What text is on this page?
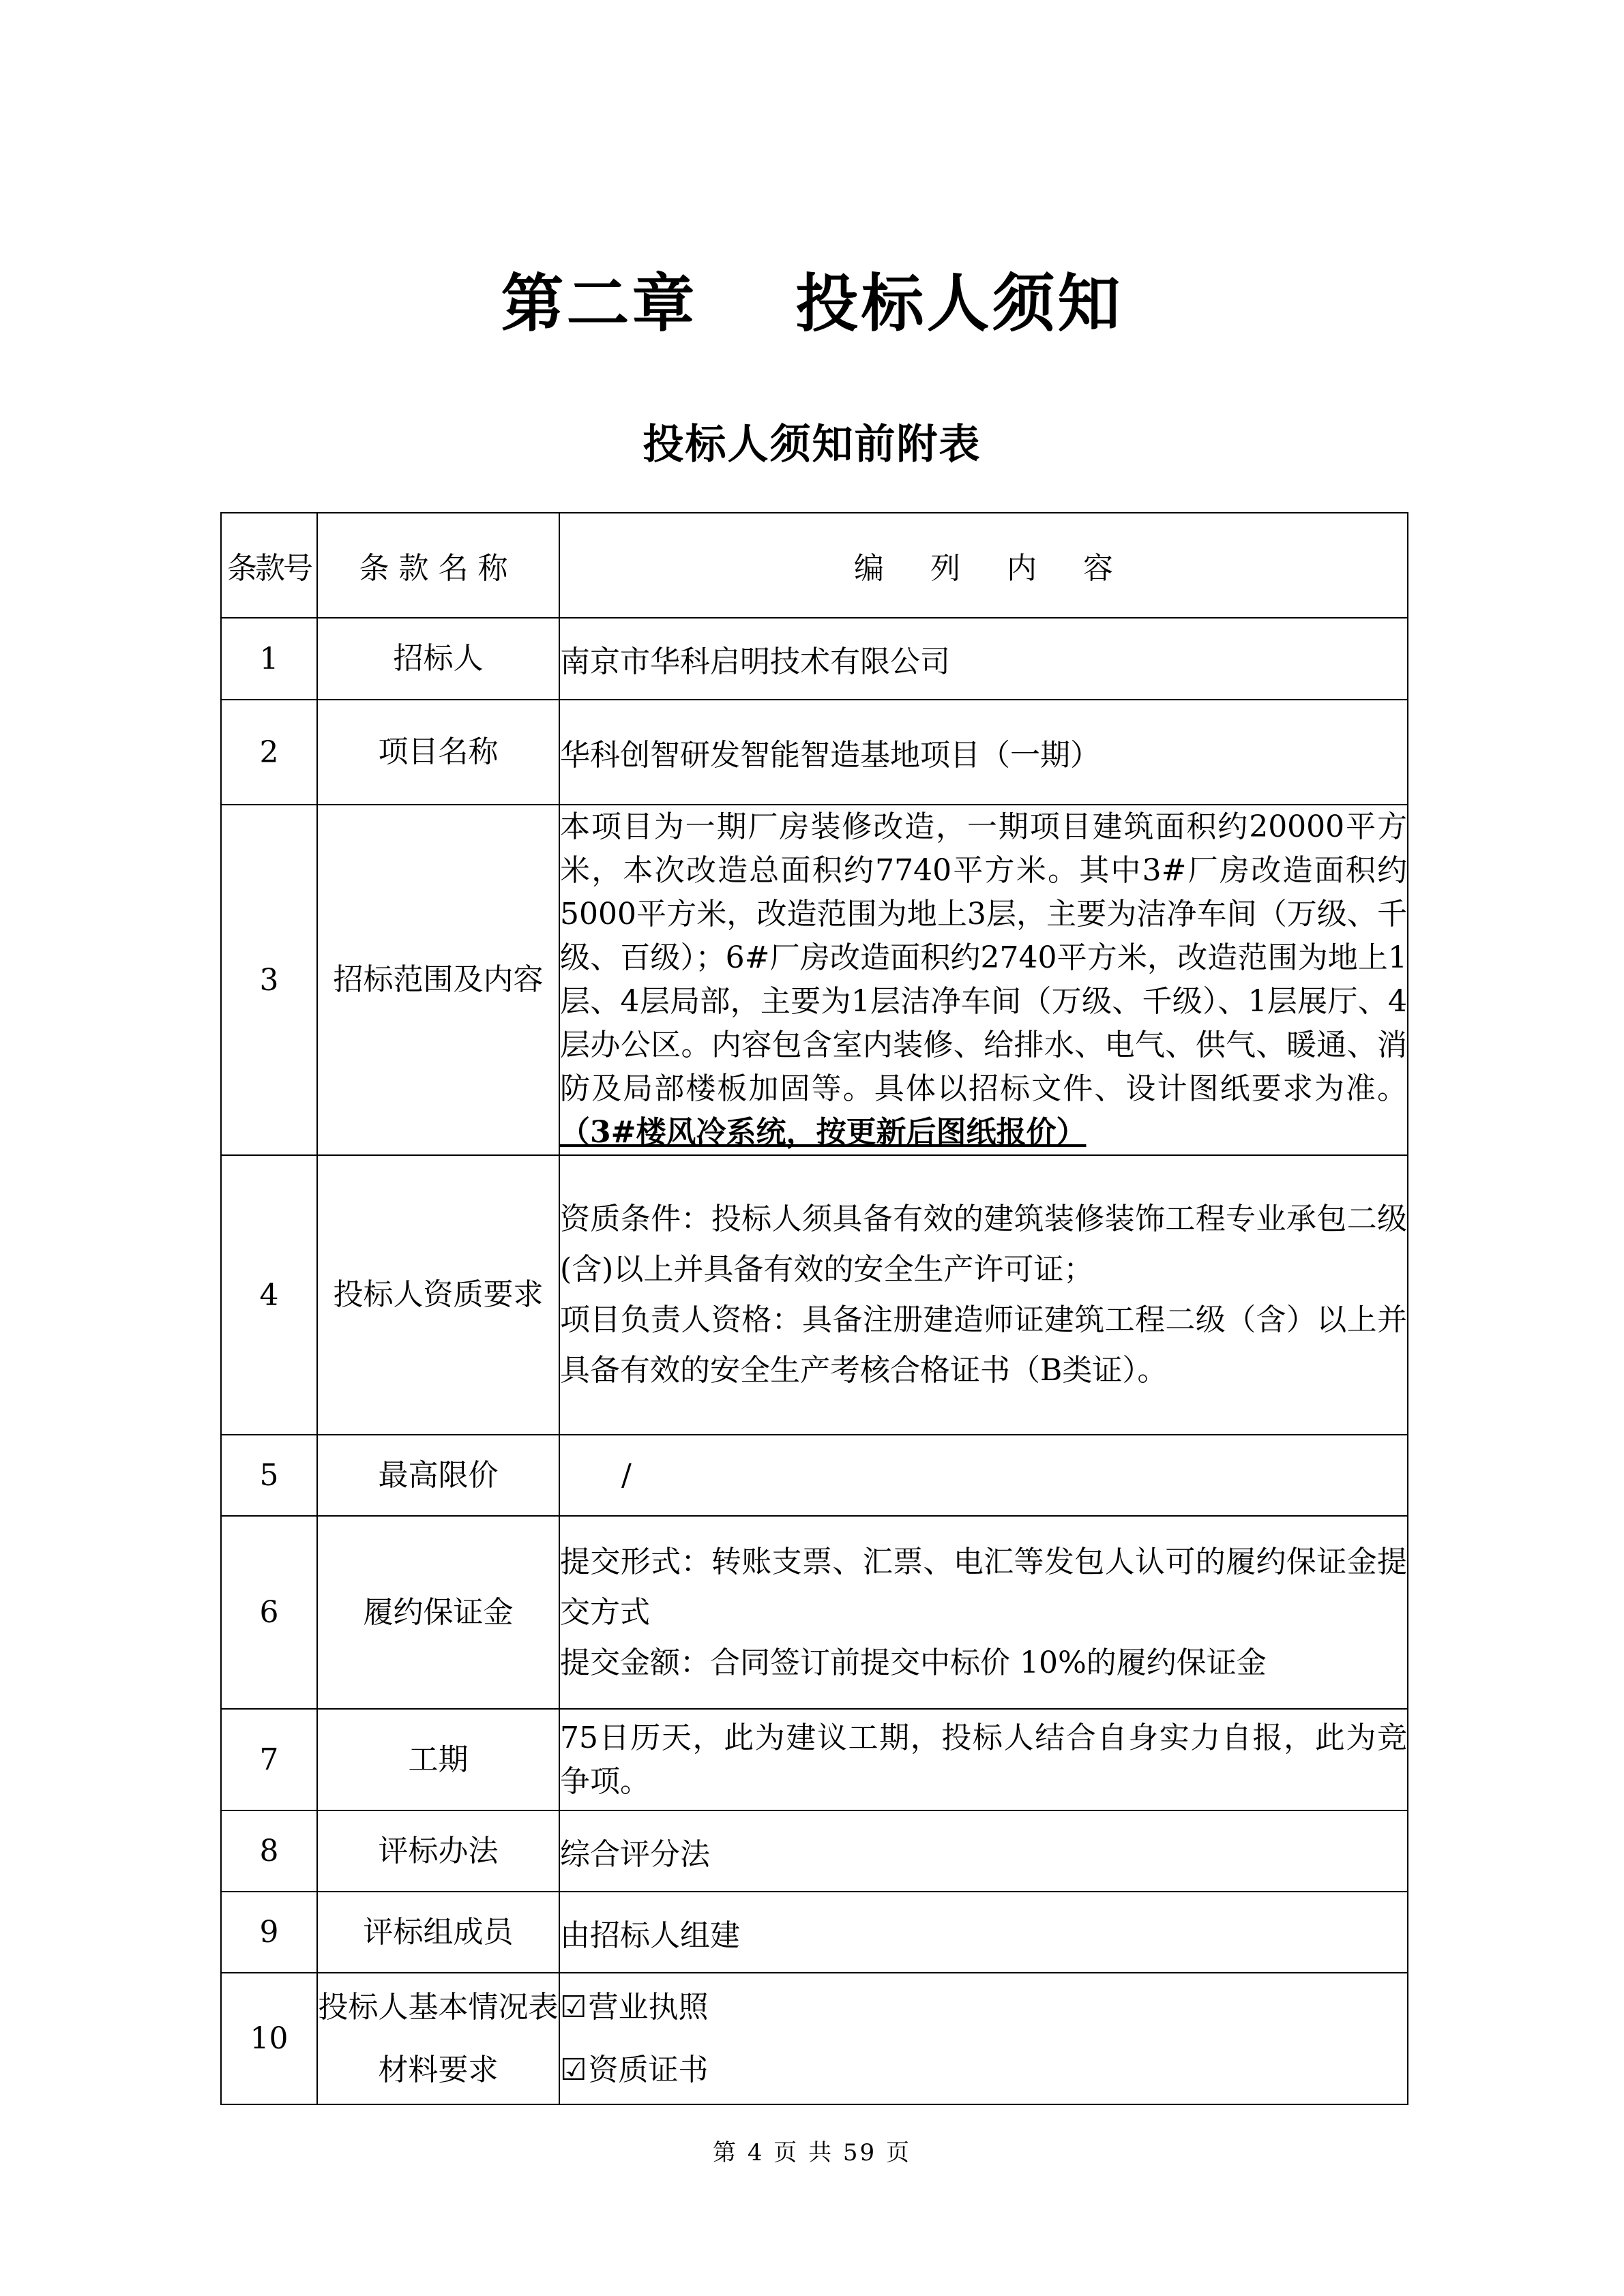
第二章    投标人须知
投标人须知前附表
条款号	条款名称	编 列 内 容
1	招标人	南京市华科启明技术有限公司
2	项目名称	华科创智研发智能智造基地项目（一期）
3	招标范围及内容	本项目为一期厂房装修改造，一期项目建筑面积约20000平方米，本次改造总面积约7740平方米。其中3#厂房改造面积约5000平方米，改造范围为地上3层，主要为洁净车间（万级、千级、百级）；6#厂房改造面积约2740平方米，改造范围为地上1层、4层局部，主要为1层洁净车间（万级、千级）、1层展厅、4层办公区。内容包含室内装修、给排水、电气、供气、暖通、消防及局部楼板加固等。具体以招标文件、设计图纸要求为准。（3#楼风冷系统，按更新后图纸报价）
4	投标人资质要求	资质条件：投标人须具备有效的建筑装修装饰工程专业承包二级(含)以上并具备有效的安全生产许可证；
项目负责人资格：具备注册建造师证建筑工程二级（含）以上并具备有效的安全生产考核合格证书（B类证）。

5	最高限价	/
6	履约保证金	提交形式：转账支票、汇票、电汇等发包人认可的履约保证金提交方式
提交金额：合同签订前提交中标价 10%的履约保证金

7	工期	75日历天，此为建议工期，投标人结合自身实力自报，此为竞争项。
8	评标办法	综合评分法
9	评标组成员	由招标人组建
10	投标人基本情况表材料要求	☑营业执照
☑资质证书
第 4 页 共 59 页
